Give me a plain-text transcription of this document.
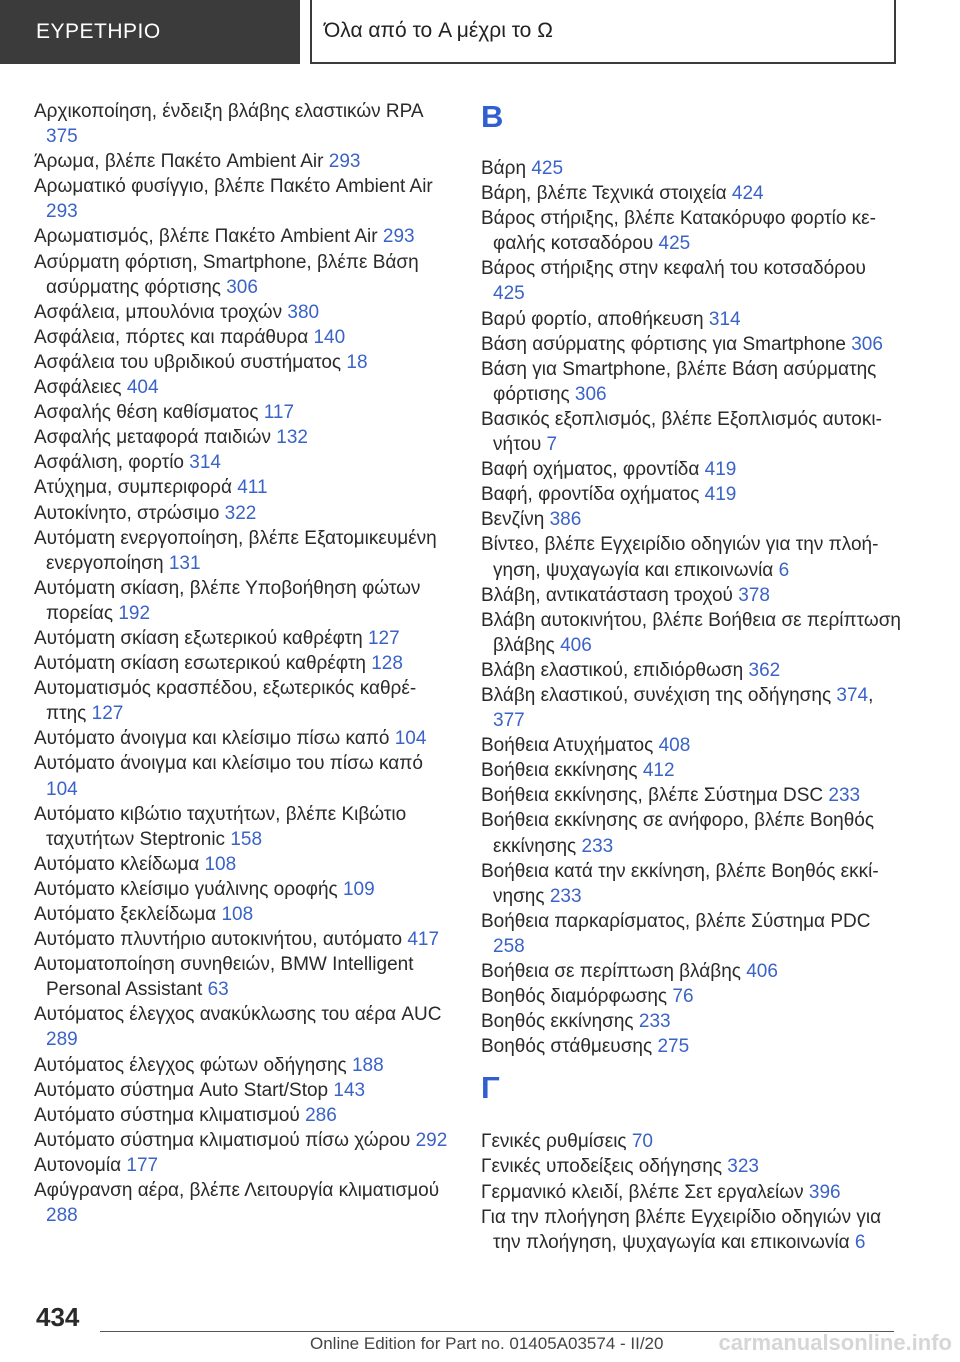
ΕΥΡΕΤΗΡΙΟ	Όλα από το A μέχρι το Ω
Αρχικοποίηση, ένδειξη βλάβης ελαστικών RPA 375
Άρωμα, βλέπε Πακέτο Ambient Air 293
Αρωματικό φυσίγγιο, βλέπε Πακέτο Ambient Air 293
Αρωματισμός, βλέπε Πακέτο Ambient Air 293
Ασύρματη φόρτιση, Smartphone, βλέπε Βάση ασύρματης φόρτισης 306
Ασφάλεια, μπουλόνια τροχών 380
Ασφάλεια, πόρτες και παράθυρα 140
Ασφάλεια του υβριδικού συστήματος 18
Ασφάλειες 404
Ασφαλής θέση καθίσματος 117
Ασφαλής μεταφορά παιδιών 132
Ασφάλιση, φορτίο 314
Ατύχημα, συμπεριφορά 411
Αυτοκίνητο, στρώσιμο 322
Αυτόματη ενεργοποίηση, βλέπε Εξατομικευμένη ενεργοποίηση 131
Αυτόματη σκίαση, βλέπε Υποβοήθηση φώτων πορείας 192
Αυτόματη σκίαση εξωτερικού καθρέφτη 127
Αυτόματη σκίαση εσωτερικού καθρέφτη 128
Αυτοματισμός κρασπέδου, εξωτερικός καθρέπτης 127
Αυτόματο άνοιγμα και κλείσιμο πίσω καπό 104
Αυτόματο άνοιγμα και κλείσιμο του πίσω καπό 104
Αυτόματο κιβώτιο ταχυτήτων, βλέπε Κιβώτιο ταχυτήτων Steptronic 158
Αυτόματο κλείδωμα 108
Αυτόματο κλείσιμο γυάλινης οροφής 109
Αυτόματο ξεκλείδωμα 108
Αυτόματο πλυντήριο αυτοκινήτου, αυτόματο 417
Αυτοματοποίηση συνηθειών, BMW Intelligent Personal Assistant 63
Αυτόματος έλεγχος ανακύκλωσης του αέρα AUC 289
Αυτόματος έλεγχος φώτων οδήγησης 188
Αυτόματο σύστημα Auto Start/Stop 143
Αυτόματο σύστημα κλιματισμού 286
Αυτόματο σύστημα κλιματισμού πίσω χώρου 292
Αυτονομία 177
Αφύγρανση αέρα, βλέπε Λειτουργία κλιματισμού 288
B
Βάρη 425
Βάρη, βλέπε Τεχνικά στοιχεία 424
Βάρος στήριξης, βλέπε Κατακόρυφο φορτίο κεφαλής κοτσαδόρου 425
Βάρος στήριξης στην κεφαλή του κοτσαδόρου 425
Βαρύ φορτίο, αποθήκευση 314
Βάση ασύρματης φόρτισης για Smartphone 306
Βάση για Smartphone, βλέπε Βάση ασύρματης φόρτισης 306
Βασικός εξοπλισμός, βλέπε Εξοπλισμός αυτοκινήτου 7
Βαφή οχήματος, φροντίδα 419
Βαφή, φροντίδα οχήματος 419
Βενζίνη 386
Βίντεο, βλέπε Εγχειρίδιο οδηγιών για την πλοήγηση, ψυχαγωγία και επικοινωνία 6
Βλάβη, αντικατάσταση τροχού 378
Βλάβη αυτοκινήτου, βλέπε Βοήθεια σε περίπτωση βλάβης 406
Βλάβη ελαστικού, επιδιόρθωση 362
Βλάβη ελαστικού, συνέχιση της οδήγησης 374, 377
Βοήθεια Ατυχήματος 408
Βοήθεια εκκίνησης 412
Βοήθεια εκκίνησης, βλέπε Σύστημα DSC 233
Βοήθεια εκκίνησης σε ανήφορο, βλέπε Βοηθός εκκίνησης 233
Βοήθεια κατά την εκκίνηση, βλέπε Βοηθός εκκίνησης 233
Βοήθεια παρκαρίσματος, βλέπε Σύστημα PDC 258
Βοήθεια σε περίπτωση βλάβης 406
Βοηθός διαμόρφωσης 76
Βοηθός εκκίνησης 233
Βοηθός στάθμευσης 275
Γ
Γενικές ρυθμίσεις 70
Γενικές υποδείξεις οδήγησης 323
Γερμανικό κλειδί, βλέπε Σετ εργαλείων 396
Για την πλοήγηση βλέπε Εγχειρίδιο οδηγιών για την πλοήγηση, ψυχαγωγία και επικοινωνία 6
434
Online Edition for Part no. 01405A03574 - II/20	carmanualsonline.info
